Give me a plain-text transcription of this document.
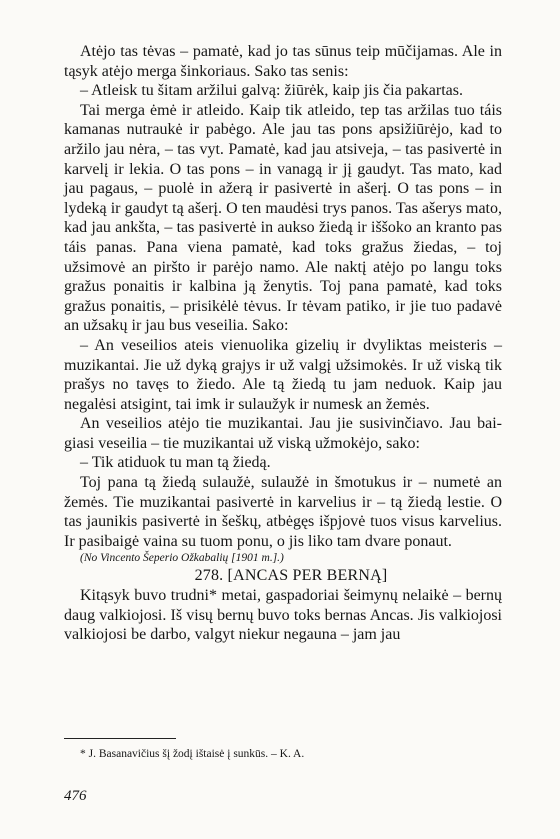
Atėjo tas tėvas – pamatė, kad jo tas sūnus teip mūčijamas. Ale in tąsyk atėjo merga šinkoriaus. Sako tas senis:

– Atleisk tu šitam aržilui galvą: žiūrėk, kaip jis čia pakartas.

Tai merga ėmė ir atleido. Kaip tik atleido, tep tas aržilas tuo táis kamanas nutraukė ir pabėgo. Ale jau tas pons apsižiūrėjo, kad to aržilo jau nėra, – tas vyt. Pamatė, kad jau atsiveja, – tas pasivertė in karvelį ir lekia. O tas pons – in vanagą ir jį gaudyt. Tas mato, kad jau pagaus, – puolė in ažerą ir pasivertė in ašerį. O tas pons – in lydeką ir gaudyt tą ašerį. O ten maudėsi trys panos. Tas ašerys mato, kad jau ankšta, – tas pasivertė in aukso žiedą ir iššoko an kranto pas táis panas. Pana viena pamatė, kad toks gražus žiedas, – toj užsimovė an piršto ir parėjo namo. Ale naktį atėjo po langu toks gražus ponaitis ir kalbina ją ženytis. Toj pana pamatė, kad toks gražus ponaitis, – prisikėlė tėvus. Ir tėvam patiko, ir jie tuo padavė an užsakų ir jau bus veseilia. Sako:

– An veseilios ateis vienuolika gizelių ir dvyliktas meisteris – muzikantai. Jie už dyką grajys ir už valgį užsimokės. Ir už viską tik prašys no tavęs to žiedo. Ale tą žiedą tu jam neduok. Kaip jau negalėsi atsigint, tai imk ir sulaužyk ir numesk an žemės.

An veseilios atėjo tie muzikantai. Jau jie susivinčiavo. Jau baigiasi veseilia – tie muzikantai už viską užmokėjo, sako:

– Tik atiduok tu man tą žiedą.

Toj pana tą žiedą sulaužė, sulaužė in šmotukus ir – numetė an žemės. Tie muzikantai pasivertė in karvelius ir – tą žiedą lestie. O tas jaunikis pasivertė in šeškų, atbėgęs išpjovė tuos visus karvelius. Ir pasibaigė vaina su tuom ponu, o jis liko tam dvare ponaut.

(No Vincento Šeperio Ožkabalių [1901 m.].)

278. [ANCAS PER BERNĄ]

Kitąsyk buvo trudni* metai, gaspadoriai šeimynų nelaikė – bernų daug valkiojosi. Iš visų bernų buvo toks bernas Ancas. Jis valkiojosi valkiojosi be darbo, valgyt niekur negauna – jam jau

* J. Basanavičius šį žodį ištaisė į sunkūs. – K. A.
476
